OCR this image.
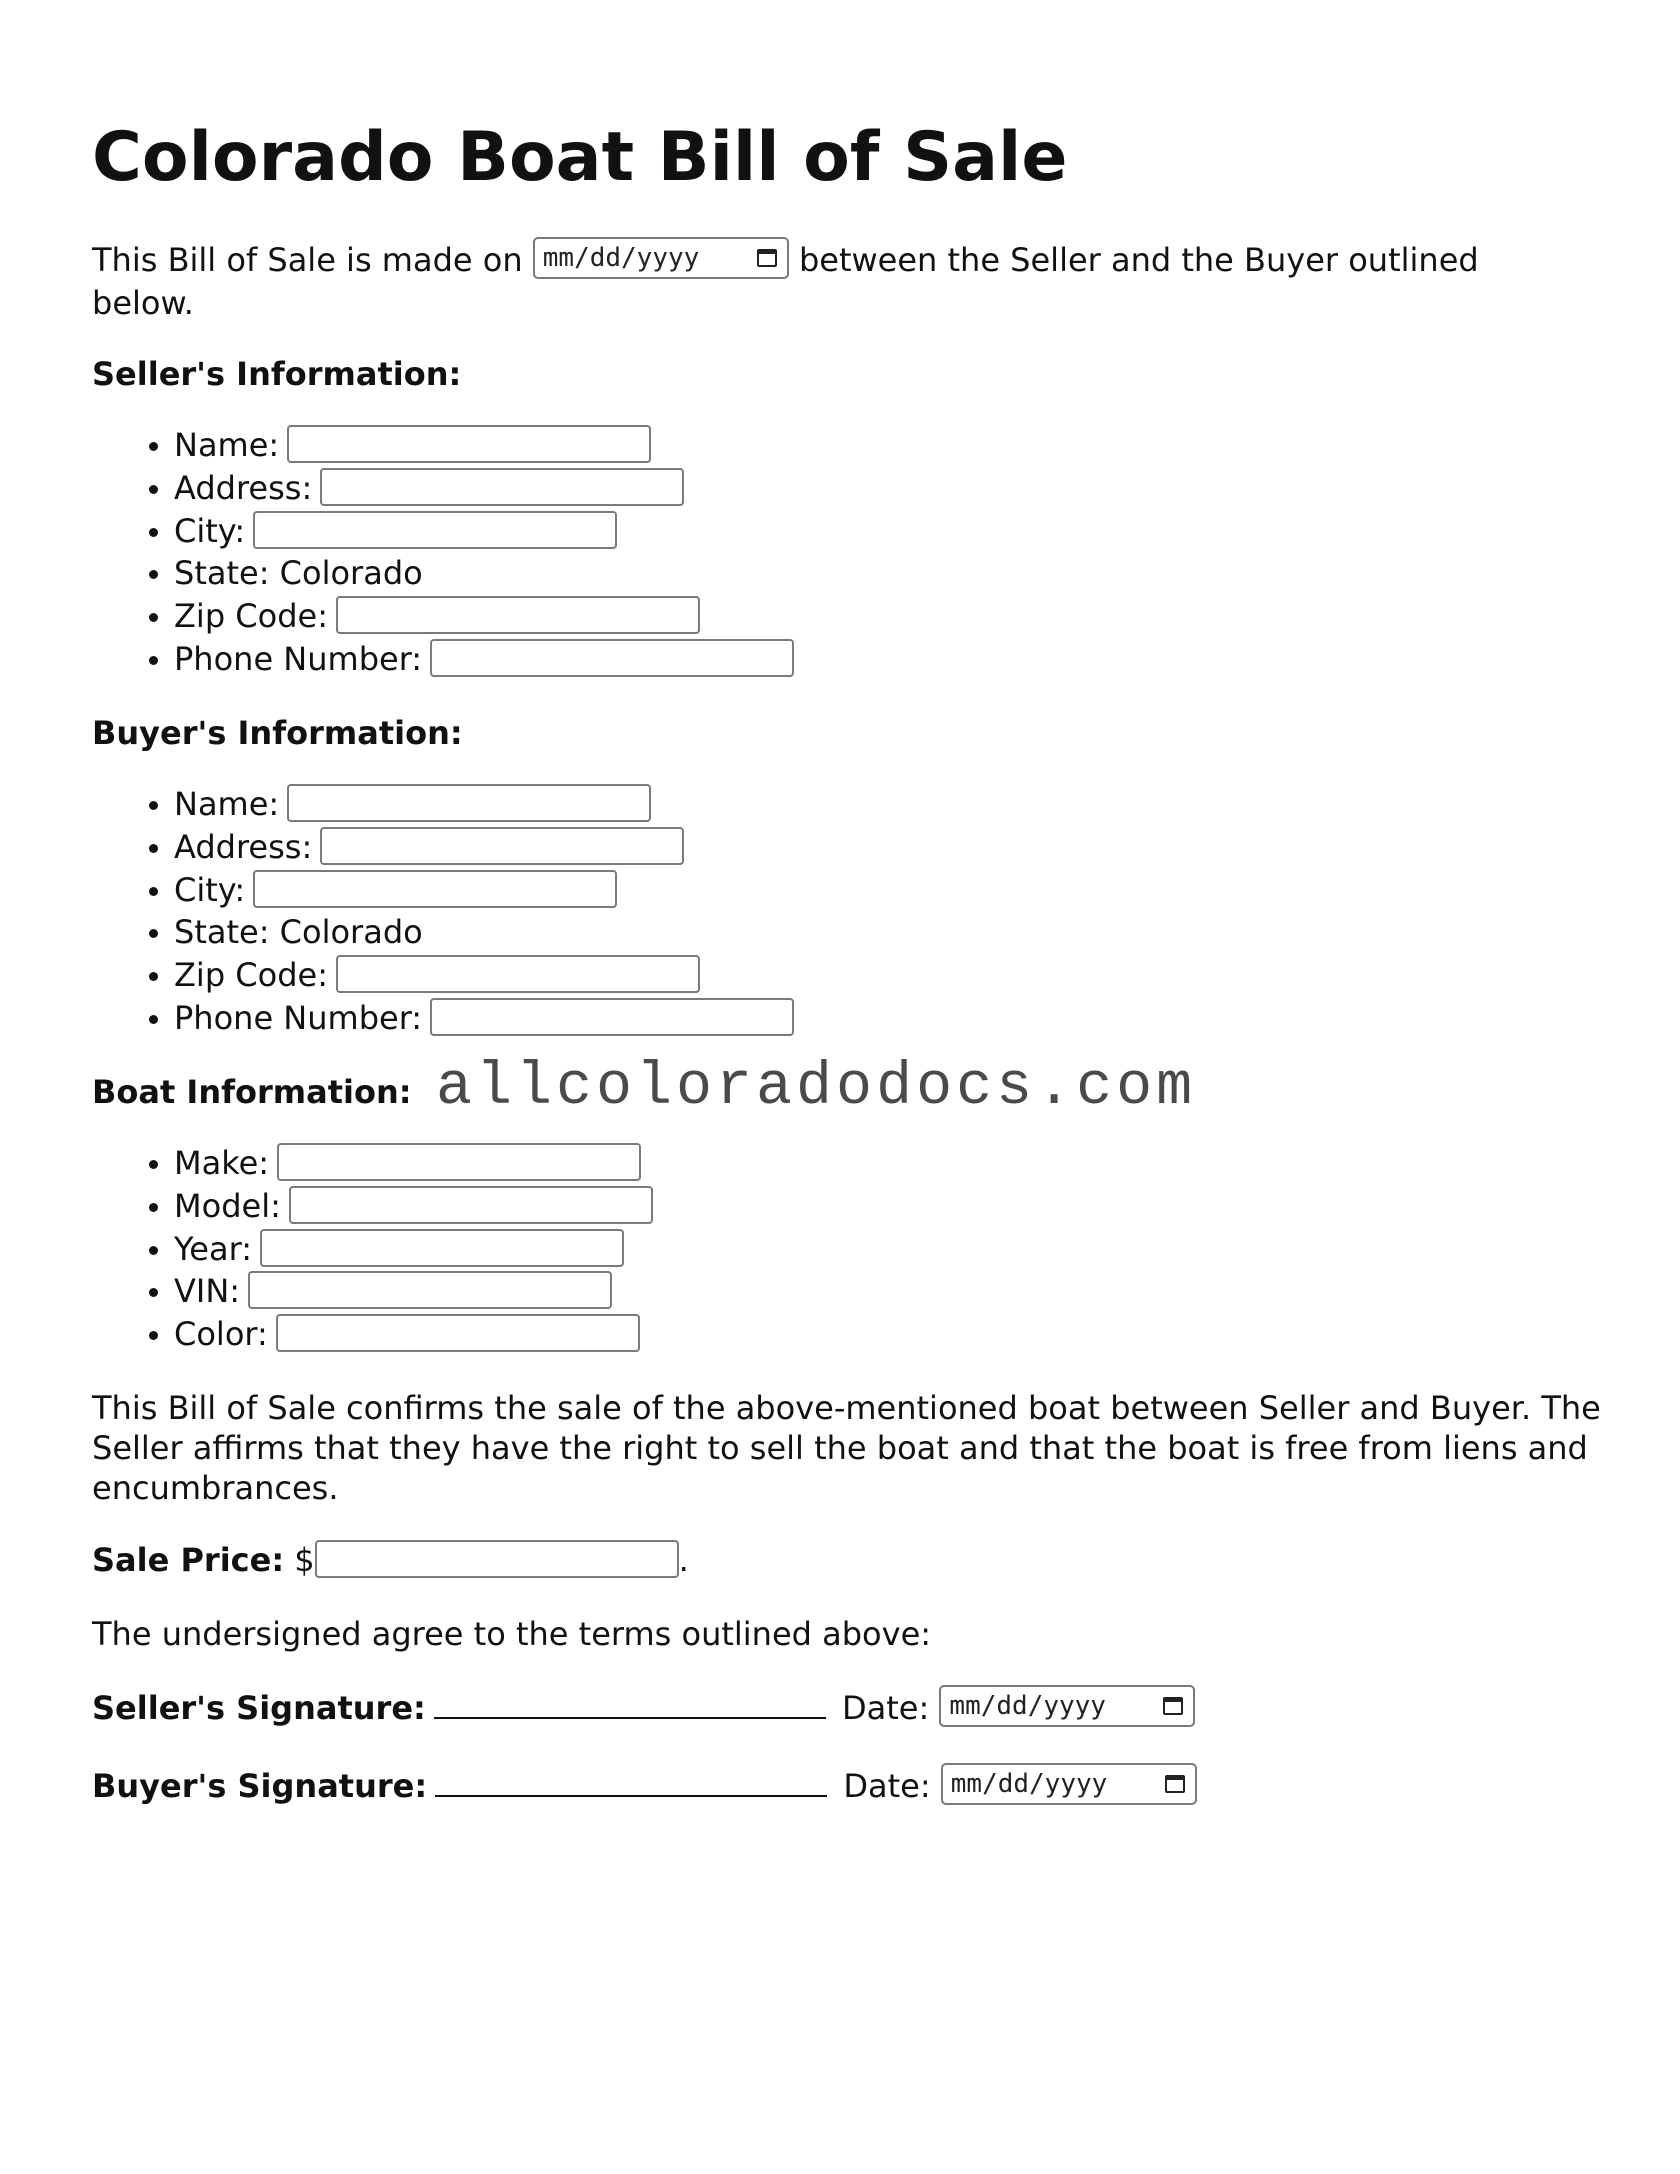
Colorado Boat Bill of Sale
This Bill of Sale is made on mm/dd/yyyy	between the Seller and the Buyer outlined below.
Seller's Information:
• Name:
• Address:
• City:
• State: Colorado
• Zip Code:
• Phone Number:
Buyer's Information:
• Name:
• Address:
• City:
• State: Colorado
• Zip Code:
• Phone Number:
Boat Information:
• Make:
• Model:
• Year:
• VIN:
• Color:
This Bill of Sale confirms the sale of the above-mentioned boat between Seller and Buyer. The Seller affirms that they have the right to sell the boat and that the boat is free from liens and encumbrances.
Sale Price: $	.
The undersigned agree to the terms outlined above:
Seller's Signature:	Date: mm/dd/yyyy
Buyer's Signature:	Date: mm/dd/yyyy
allcoloradodocs.com
